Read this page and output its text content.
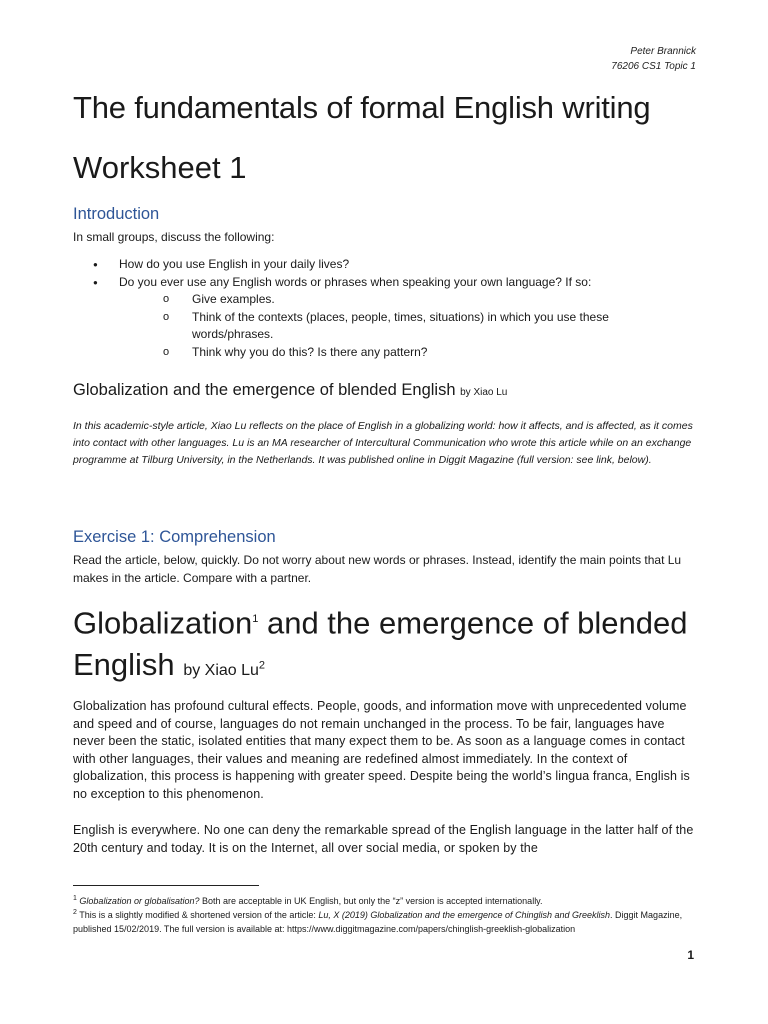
Peter Brannick
76206 CS1 Topic 1
The fundamentals of formal English writing
Worksheet 1
Introduction

In small groups, discuss the following:

● How do you use English in your daily lives?
● Do you ever use any English words or phrases when speaking your own language? If so:
o Give examples.
o Think of the contexts (places, people, times, situations) in which you use these words/phrases.
o Think why you do this? Is there any pattern?
Globalization and the emergence of blended English by Xiao Lu

In this academic-style article, Xiao Lu reflects on the place of English in a globalizing world: how it affects, and is affected, as it comes into contact with other languages. Lu is an MA researcher of Intercultural Communication who wrote this article while on an exchange programme at Tilburg University, in the Netherlands. It was published online in Diggit Magazine (full version: see link, below).

Exercise 1: Comprehension

Read the article, below, quickly. Do not worry about new words or phrases. Instead, identify the main points that Lu makes in the article. Compare with a partner.

Globalization$^1$ and the emergence of blended English by Xiao Lu$^2$

Globalization has profound cultural effects. People, goods, and information move with unprecedented volume and speed and of course, languages do not remain unchanged in the process. To be fair, languages have never been the static, isolated entities that many expect them to be. As soon as a language comes in contact with other languages, their values and meaning are redefined almost immediately. In the context of globalization, this process is happening with greater speed. Despite being the world’s lingua franca, English is no exception to this phenomenon.

English is everywhere. No one can deny the remarkable spread of the English language in the latter half of the 20th century and today. It is on the Internet, all over social media, or spoken by the

$^1$ Globalization or globalisation? Both are acceptable in UK English, but only the “z” version is accepted internationally.

$^2$ This is a slightly modified & shortened version of the article: Lu, X (2019) Globalization and the emergence of Chinglish and Greeklish. Diggit Magazine, published 15/02/2019. The full version is available at: https://www.diggitmagazine.com/papers/chinglish-greeklish-globalization

1
